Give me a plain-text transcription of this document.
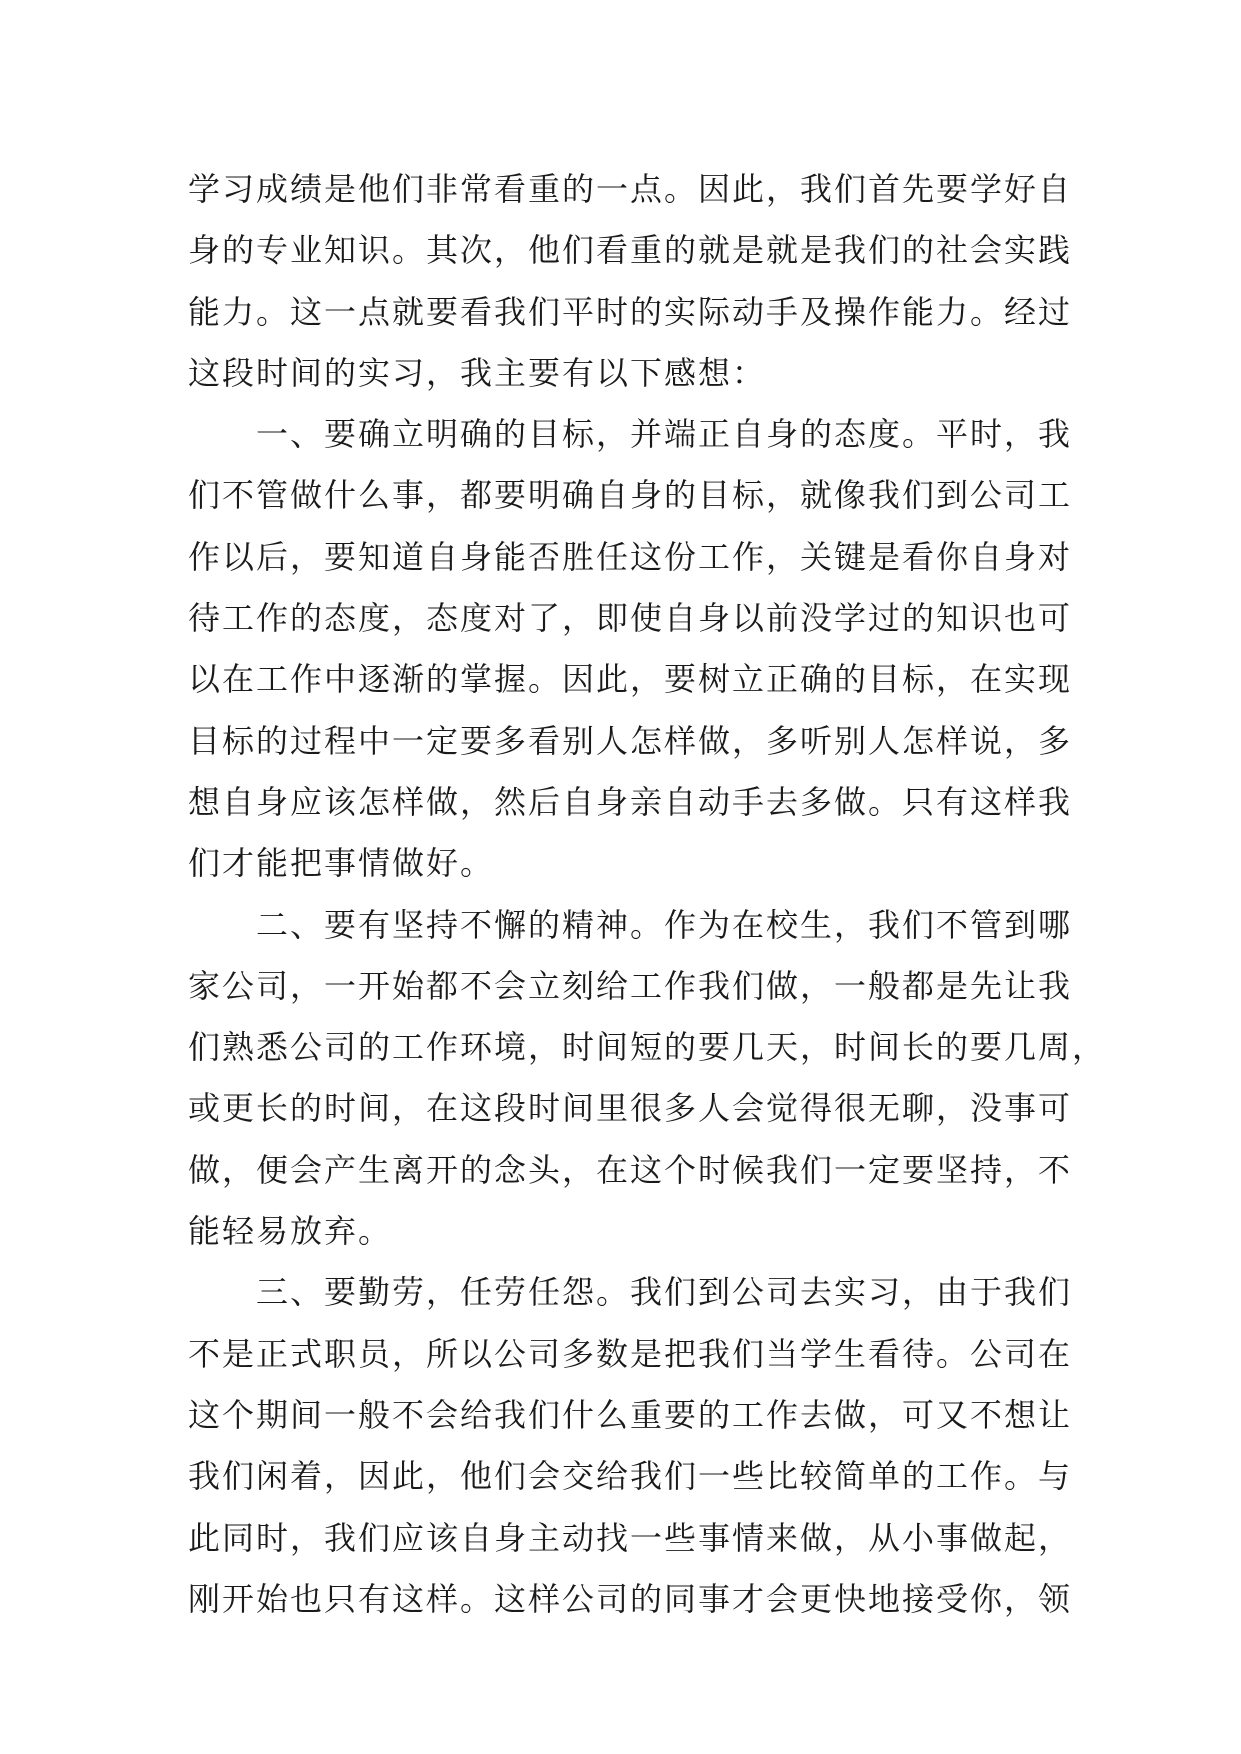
学习成绩是他们非常看重的一点。因此，我们首先要学好自
身的专业知识。其次，他们看重的就是就是我们的社会实践
能力。这一点就要看我们平时的实际动手及操作能力。经过
这段时间的实习，我主要有以下感想：
一、要确立明确的目标，并端正自身的态度。平时，我
们不管做什么事，都要明确自身的目标，就像我们到公司工
作以后，要知道自身能否胜任这份工作，关键是看你自身对
待工作的态度，态度对了，即使自身以前没学过的知识也可
以在工作中逐渐的掌握。因此，要树立正确的目标，在实现
目标的过程中一定要多看别人怎样做，多听别人怎样说，多
想自身应该怎样做，然后自身亲自动手去多做。只有这样我
们才能把事情做好。
二、要有坚持不懈的精神。作为在校生，我们不管到哪
家公司，一开始都不会立刻给工作我们做，一般都是先让我
们熟悉公司的工作环境，时间短的要几天，时间长的要几周，
或更长的时间，在这段时间里很多人会觉得很无聊，没事可
做，便会产生离开的念头，在这个时候我们一定要坚持，不
能轻易放弃。
三、要勤劳，任劳任怨。我们到公司去实习，由于我们
不是正式职员，所以公司多数是把我们当学生看待。公司在
这个期间一般不会给我们什么重要的工作去做，可又不想让
我们闲着，因此，他们会交给我们一些比较简单的工作。与
此同时，我们应该自身主动找一些事情来做，从小事做起，
刚开始也只有这样。这样公司的同事才会更快地接受你，领
